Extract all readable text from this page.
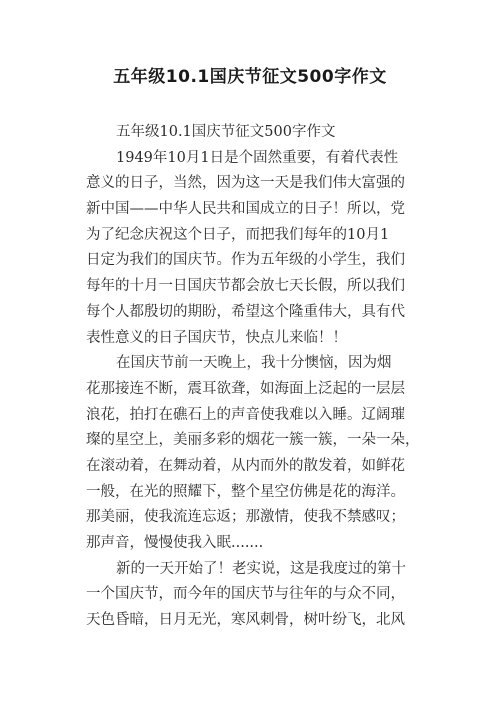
五年级10.1国庆节征文500字作文
五年级10.1国庆节征文500字作文
1949年10月1日是个固然重要，有着代表性
意义的日子，当然，因为这一天是我们伟大富强的
新中国——中华人民共和国成立的日子！所以，党
为了纪念庆祝这个日子，而把我们每年的10月1
日定为我们的国庆节。作为五年级的小学生，我们
每年的十月一日国庆节都会放七天长假，所以我们
每个人都殷切的期盼，希望这个隆重伟大，具有代
表性意义的日子国庆节，快点儿来临！！
在国庆节前一天晚上，我十分懊恼，因为烟
花那接连不断，震耳欲聋，如海面上泛起的一层层
浪花，拍打在礁石上的声音使我难以入睡。辽阔璀
璨的星空上，美丽多彩的烟花一簇一簇，一朵一朵，
在滚动着，在舞动着，从内而外的散发着，如鲜花
一般，在光的照耀下，整个星空仿佛是花的海洋。
那美丽，使我流连忘返；那激情，使我不禁感叹；
那声音，慢慢使我入眠.......
新的一天开始了！老实说，这是我度过的第十
一个国庆节，而今年的国庆节与往年的与众不同，
天色昏暗，日月无光，寒风刺骨，树叶纷飞，北风
